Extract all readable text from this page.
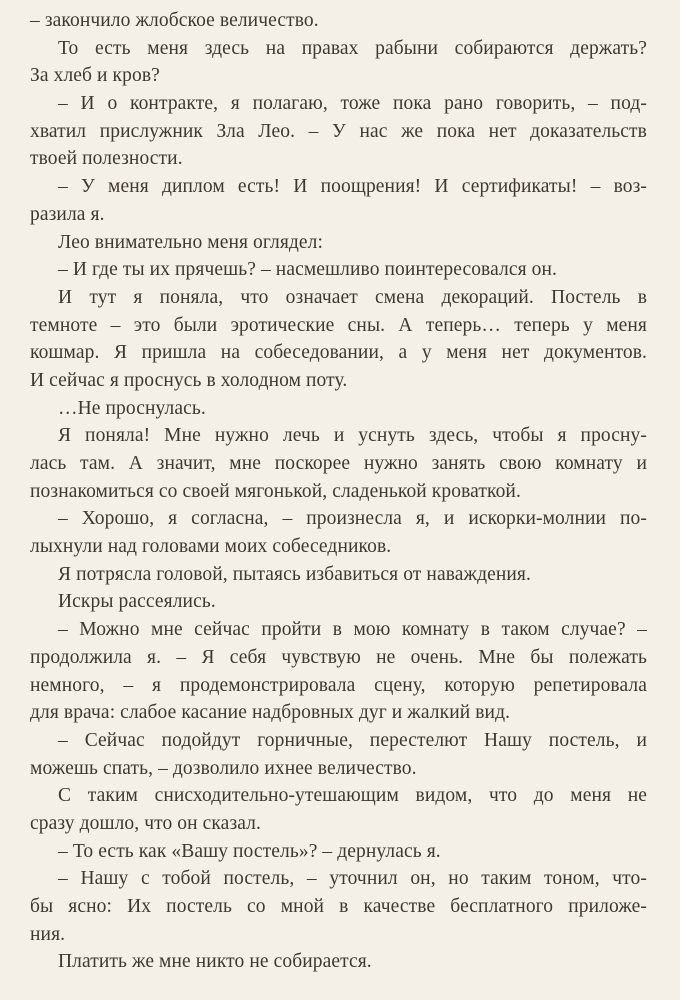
– закончило жлобское величество.
То есть меня здесь на правах рабыни собираются держать?
За хлеб и кров?
– И о контракте, я полагаю, тоже пока рано говорить, – под-
хватил прислужник Зла Лео. – У нас же пока нет доказательств
твоей полезности.
– У меня диплом есть! И поощрения! И сертификаты! – воз-
разила я.
Лео внимательно меня оглядел:
– И где ты их прячешь? – насмешливо поинтересовался он.
И тут я поняла, что означает смена декораций. Постель в
темноте – это были эротические сны. А теперь… теперь у меня
кошмар. Я пришла на собеседовании, а у меня нет документов.
И сейчас я проснусь в холодном поту.
…Не проснулась.
Я поняла! Мне нужно лечь и уснуть здесь, чтобы я просну-
лась там. А значит, мне поскорее нужно занять свою комнату и
познакомиться со своей мягонькой, сладенькой кроваткой.
– Хорошо, я согласна, – произнесла я, и искорки-молнии по-
лыхнули над головами моих собеседников.
Я потрясла головой, пытаясь избавиться от наваждения.
Искры рассеялись.
– Можно мне сейчас пройти в мою комнату в таком случае? –
продолжила я. – Я себя чувствую не очень. Мне бы полежать
немного, – я продемонстрировала сцену, которую репетировала
для врача: слабое касание надбровных дуг и жалкий вид.
– Сейчас подойдут горничные, перестелют Нашу постель, и
можешь спать, – дозволило ихнее величество.
С таким снисходительно-утешающим видом, что до меня не
сразу дошло, что он сказал.
– То есть как «Вашу постель»? – дернулась я.
– Нашу с тобой постель, – уточнил он, но таким тоном, что-
бы ясно: Их постель со мной в качестве бесплатного приложе-
ния.
Платить же мне никто не собирается.
